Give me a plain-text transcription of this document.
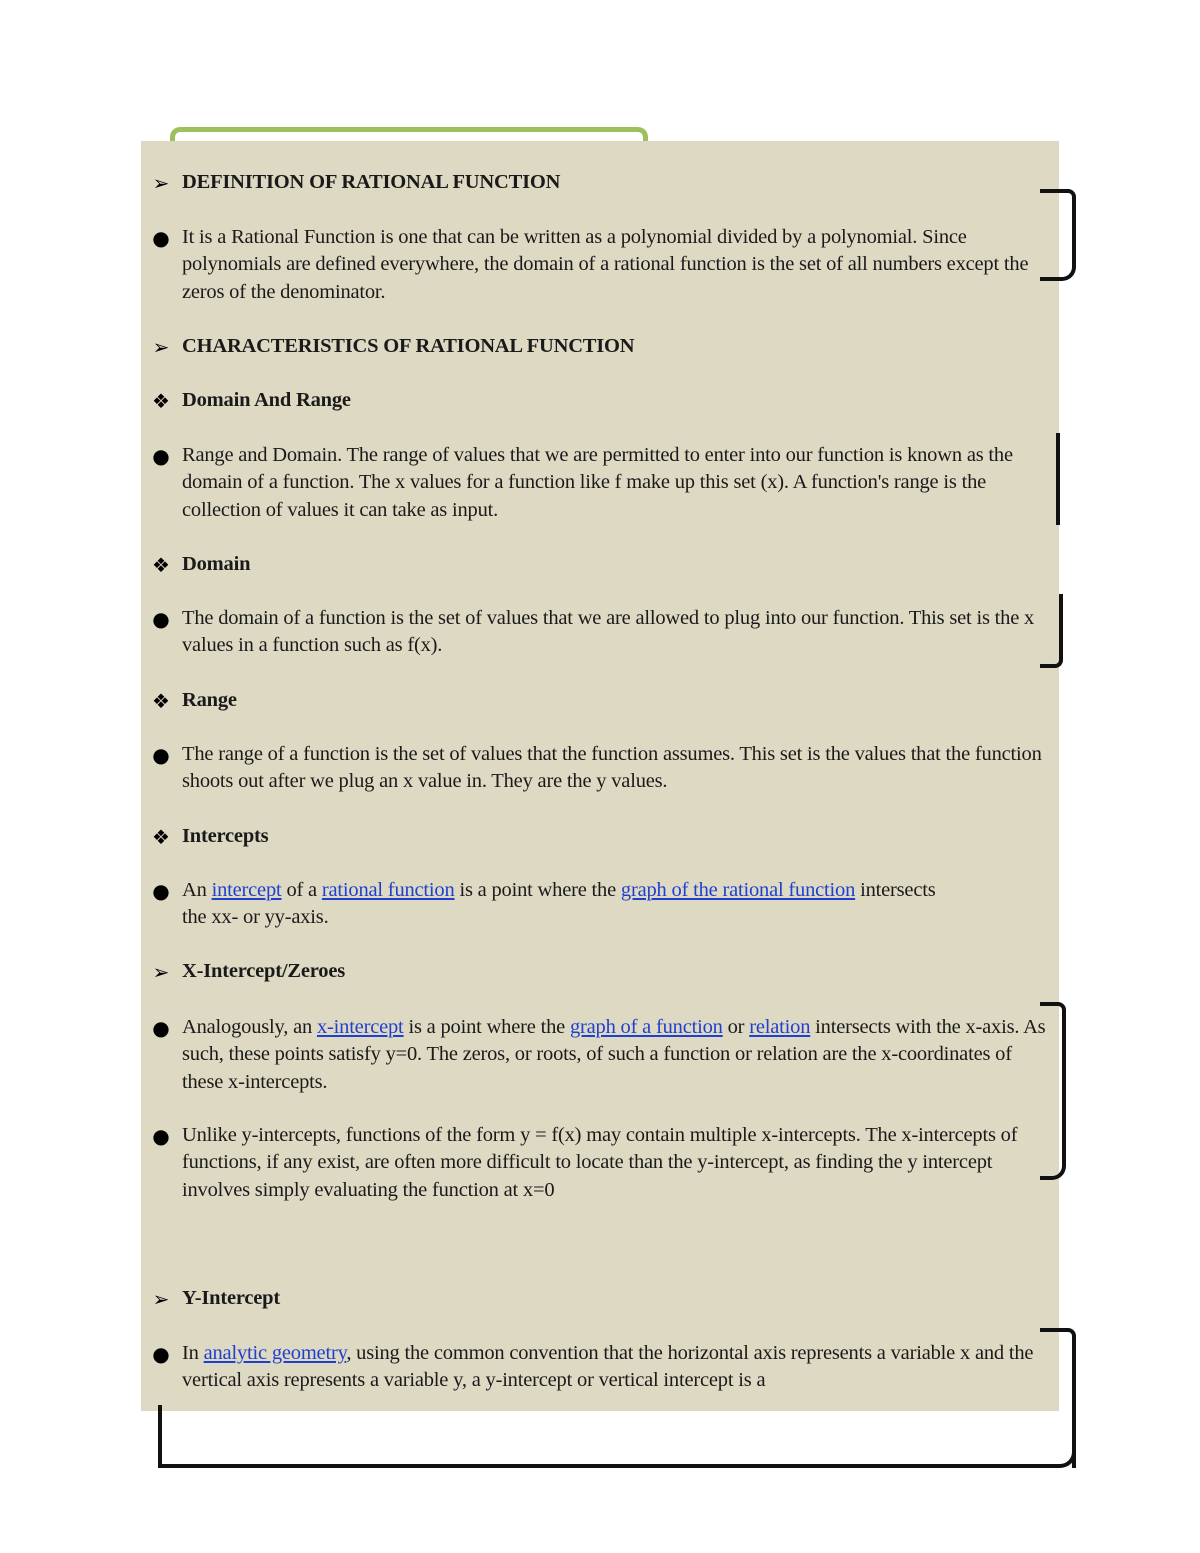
➢ DEFINITION OF RATIONAL FUNCTION
● It is a Rational Function is one that can be written as a polynomial divided by a polynomial. Since polynomials are defined everywhere, the domain of a rational function is the set of all numbers except the zeros of the denominator.
➢ CHARACTERISTICS OF RATIONAL FUNCTION
❖ Domain And Range
● Range and Domain. The range of values that we are permitted to enter into our function is known as the domain of a function. The x values for a function like f make up this set (x). A function's range is the collection of values it can take as input.
❖ Domain
● The domain of a function is the set of values that we are allowed to plug into our function. This set is the x values in a function such as f(x).
❖ Range
● The range of a function is the set of values that the function assumes. This set is the values that the function shoots out after we plug an x value in. They are the y values.
❖ Intercepts
● An intercept of a rational function is a point where the graph of the rational function intersects the xx- or yy-axis.
➢ X-Intercept/Zeroes
● Analogously, an x-intercept is a point where the graph of a function or relation intersects with the x-axis. As such, these points satisfy y=0. The zeros, or roots, of such a function or relation are the x-coordinates of these x-intercepts.
● Unlike y-intercepts, functions of the form y = f(x) may contain multiple x-intercepts. The x-intercepts of functions, if any exist, are often more difficult to locate than the y-intercept, as finding the y intercept involves simply evaluating the function at x=0
➢ Y-Intercept
● In analytic geometry, using the common convention that the horizontal axis represents a variable x and the vertical axis represents a variable y, a y-intercept or vertical intercept is a
